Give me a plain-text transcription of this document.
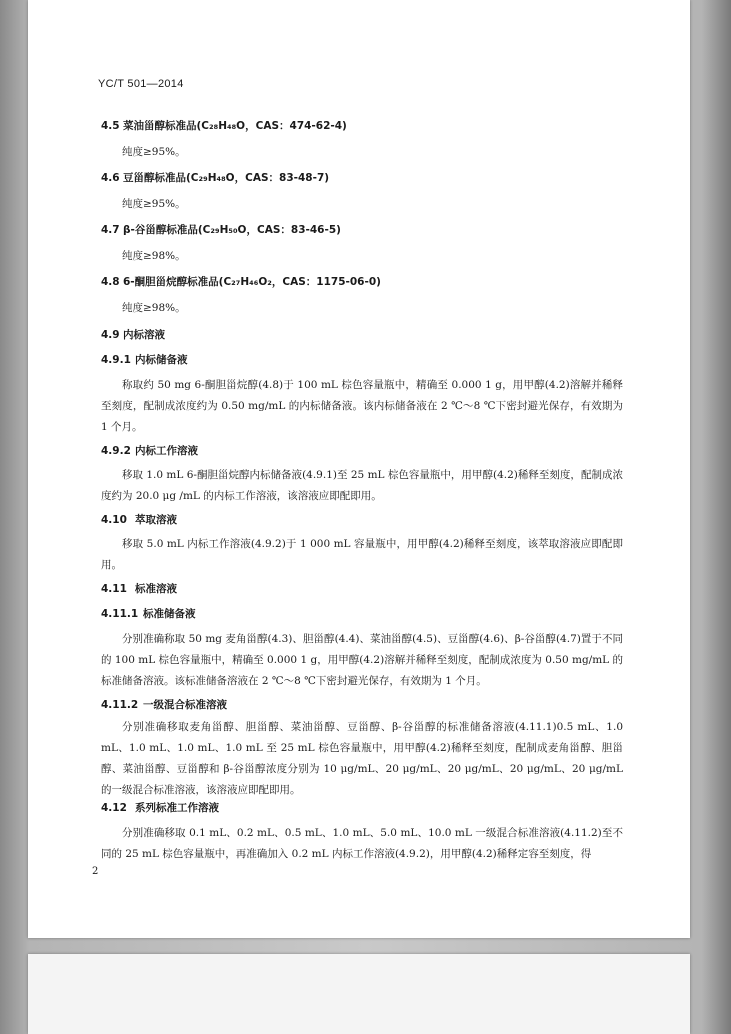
YC/T 501—2014
4.5 菜油甾醇标准品(C₂₈H₄₈O，CAS：474-62-4)
纯度≥95%。
4.6 豆甾醇标准品(C₂₉H₄₈O，CAS：83-48-7)
纯度≥95%。
4.7 β-谷甾醇标准品(C₂₉H₅₀O，CAS：83-46-5)
纯度≥98%。
4.8 6-酮胆甾烷醇标准品(C₂₇H₄₆O₂，CAS：1175-06-0)
纯度≥98%。
4.9 内标溶液
4.9.1 内标储备液
称取约 50 mg 6-酮胆甾烷醇(4.8)于 100 mL 棕色容量瓶中，精确至 0.000 1 g，用甲醇(4.2)溶解并稀释至刻度，配制成浓度约为 0.50 mg/mL 的内标储备液。该内标储备液在 2 ℃～8 ℃下密封避光保存，有效期为 1 个月。
4.9.2 内标工作溶液
移取 1.0 mL 6-酮胆甾烷醇内标储备液(4.9.1)至 25 mL 棕色容量瓶中，用甲醇(4.2)稀释至刻度，配制成浓度约为 20.0 μg /mL 的内标工作溶液，该溶液应即配即用。
4.10 萃取溶液
移取 5.0 mL 内标工作溶液(4.9.2)于 1 000 mL 容量瓶中，用甲醇(4.2)稀释至刻度，该萃取溶液应即配即用。
4.11 标准溶液
4.11.1 标准储备液
分别准确称取 50 mg 麦角甾醇(4.3)、胆甾醇(4.4)、菜油甾醇(4.5)、豆甾醇(4.6)、β-谷甾醇(4.7)置于不同的 100 mL 棕色容量瓶中，精确至 0.000 1 g，用甲醇(4.2)溶解并稀释至刻度，配制成浓度为 0.50 mg/mL 的标准储备溶液。该标准储备溶液在 2 ℃～8 ℃下密封避光保存，有效期为 1 个月。
4.11.2 一级混合标准溶液
分别准确移取麦角甾醇、胆甾醇、菜油甾醇、豆甾醇、β-谷甾醇的标准储备溶液(4.11.1)0.5 mL、1.0 mL、1.0 mL、1.0 mL、1.0 mL 至 25 mL 棕色容量瓶中，用甲醇(4.2)稀释至刻度，配制成麦角甾醇、胆甾醇、菜油甾醇、豆甾醇和 β-谷甾醇浓度分别为 10 μg/mL、20 μg/mL、20 μg/mL、20 μg/mL、20 μg/mL 的一级混合标准溶液，该溶液应即配即用。
4.12 系列标准工作溶液
分别准确移取 0.1 mL、0.2 mL、0.5 mL、1.0 mL、5.0 mL、10.0 mL 一级混合标准溶液(4.11.2)至不同的 25 mL 棕色容量瓶中，再准确加入 0.2 mL 内标工作溶液(4.9.2)，用甲醇(4.2)稀释定容至刻度，得
2
